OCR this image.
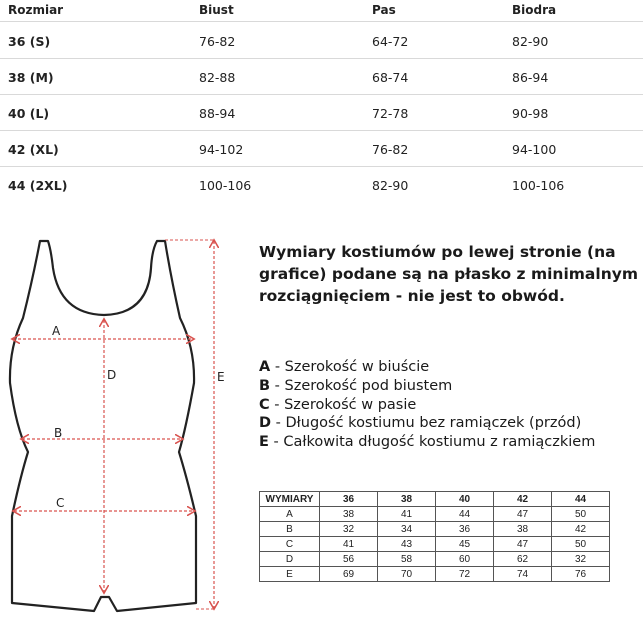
Rozmiar	Biust	Pas	Biodra
36 (S)	76-82	64-72	82-90
38 (M)	82-88	68-74	86-94
40 (L)	88-94	72-78	90-98
42 (XL)	94-102	76-82	94-100
44 (2XL)	100-106	82-90	100-106
A
B
C
D	E
Wymiary kostiumów po lewej stronie (na grafice) podane są na płasko z minimalnym rozciągnięciem - nie jest to obwód.
A - Szerokość w biuście
B - Szerokość pod biustem
C - Szerokość w pasie
D - Długość kostiumu bez ramiączek (przód)
E - Całkowita długość kostiumu z ramiączkiem
WYMIARY	36	38	40	42	44
A	38	41	44	47	50
B	32	34	36	38	42
C	41	43	45	47	50
D	56	58	60	62	32
E	69	70	72	74	76
